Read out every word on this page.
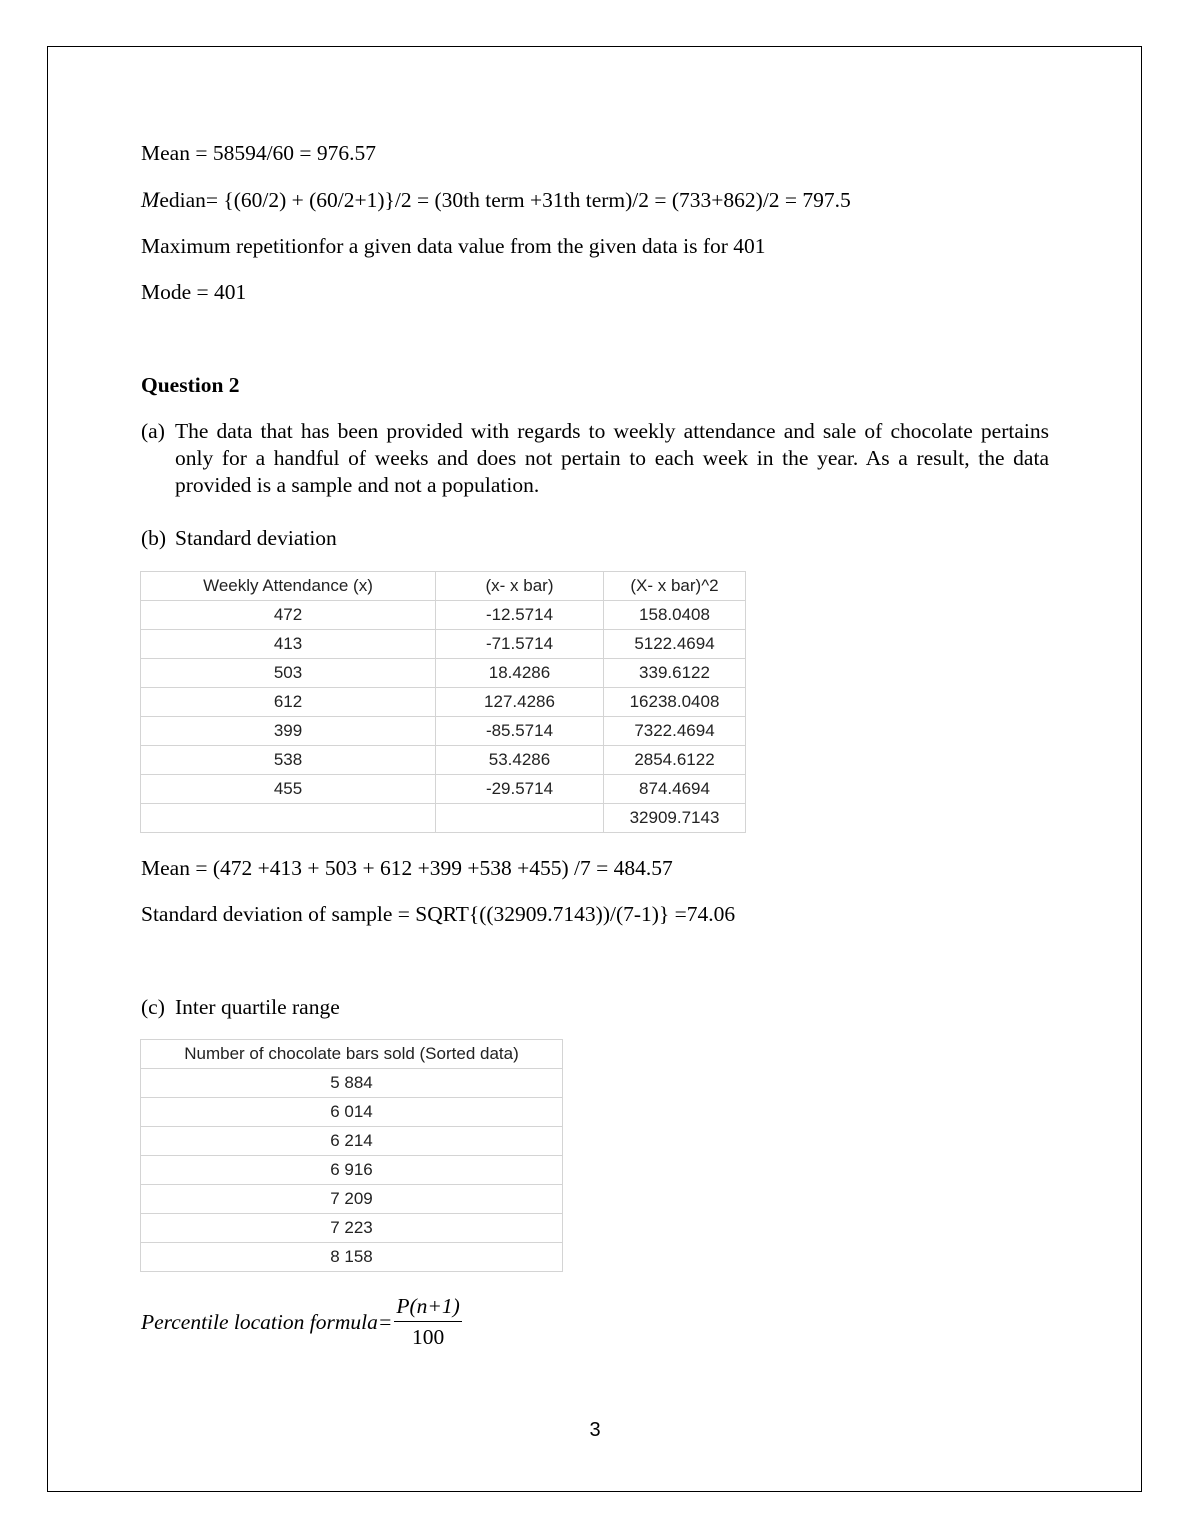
Mean = 58594/60 = 976.57
Median= {(60/2) + (60/2+1)}/2 = (30th term +31th term)/2 = (733+862)/2 = 797.5
Maximum repetitionfor a given data value from the given data is for 401
Mode = 401
Question 2
(a) The data that has been provided with regards to weekly attendance and sale of chocolate pertains only for a handful of weeks and does not pertain to each week in the year. As a result, the data provided is a sample and not a population.
(b) Standard deviation
Weekly Attendance (x)	(x- x bar)	(X- x bar)^2
472	-12.5714	158.0408
413	-71.5714	5122.4694
503	18.4286	339.6122
612	127.4286	16238.0408
399	-85.5714	7322.4694
538	53.4286	2854.6122
455	-29.5714	874.4694
		32909.7143
Mean = (472 +413 + 503 + 612 +399 +538 +455) /7 = 484.57
Standard deviation of sample = SQRT{((32909.7143))/(7-1)} =74.06
(c) Inter quartile range
Number of chocolate bars sold (Sorted data)
5 884
6 014
6 214
6 916
7 209
7 223
8 158
Percentile location formula= $\frac{P(n+1)}{100}$
3
